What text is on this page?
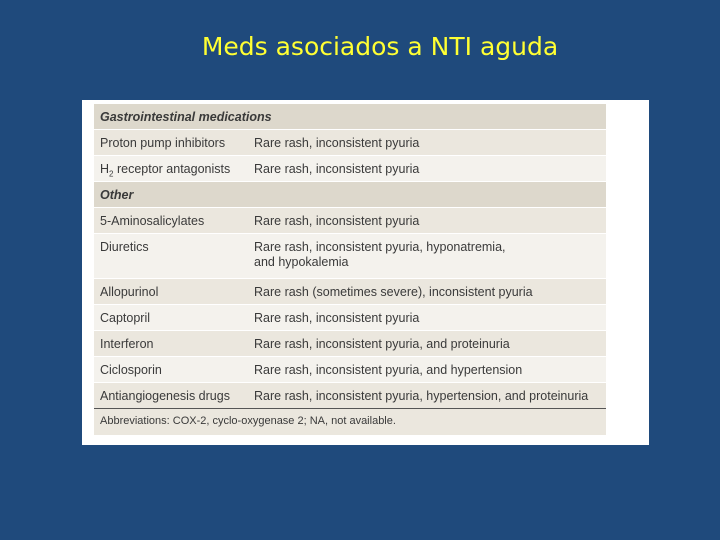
Meds asociados a NTI aguda
Gastrointestinal medications
Proton pump inhibitors	Rare rash, inconsistent pyuria
$H_2$ receptor antagonists	Rare rash, inconsistent pyuria
Other
5-Aminosalicylates	Rare rash, inconsistent pyuria
Diuretics	Rare rash, inconsistent pyuria, hyponatremia,
and hypokalemia
Allopurinol	Rare rash (sometimes severe), inconsistent pyuria
Captopril	Rare rash, inconsistent pyuria
Interferon	Rare rash, inconsistent pyuria, and proteinuria
Ciclosporin	Rare rash, inconsistent pyuria, and hypertension
Antiangiogenesis drugs	Rare rash, inconsistent pyuria, hypertension, and proteinuria
Abbreviations: COX-2, cyclo-oxygenase 2; NA, not available.
